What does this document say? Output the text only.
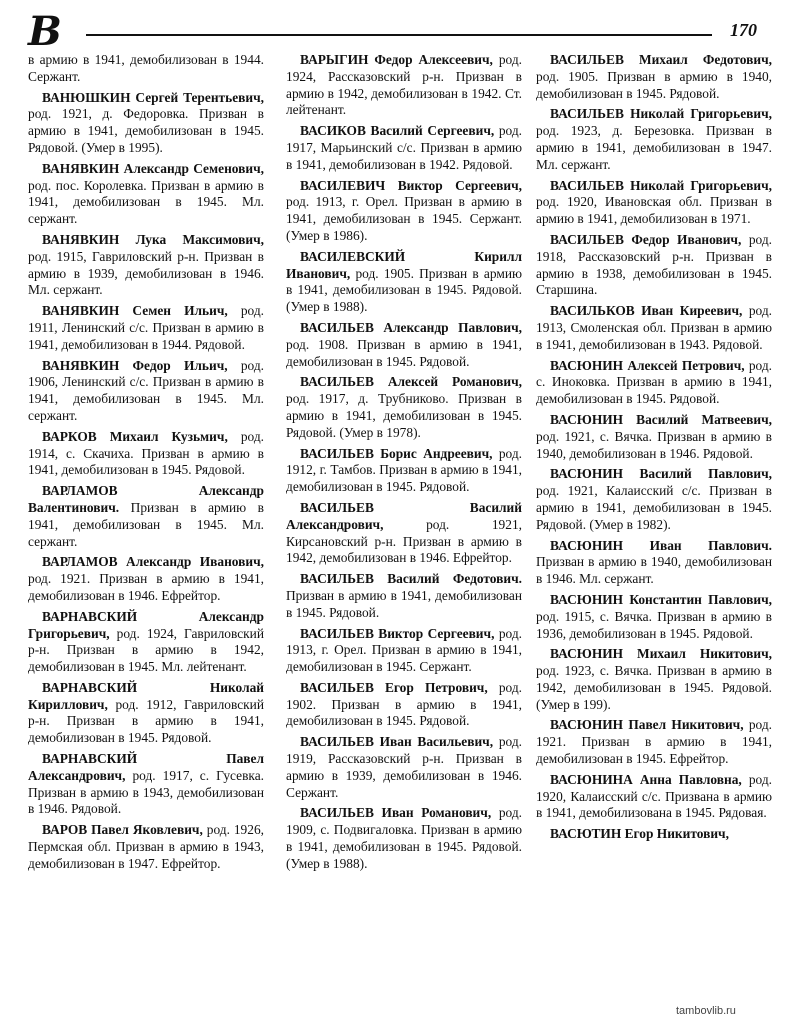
В	170

в армию в 1941, демобилизован в 1944. Сержант.

ВАНЮШКИН Сергей Терентьевич, род. 1921, д. Федоровка. Призван в армию в 1941, демобилизован в 1945. Рядовой. (Умер в 1995).

ВАНЯВКИН Александр Семенович, род. пос. Королевка. Призван в армию в 1941, демобилизован в 1945. Мл. сержант.

ВАНЯВКИН Лука Максимович, род. 1915, Гавриловский р-н. Призван в армию в 1939, демобилизован в 1946. Мл. сержант.

ВАНЯВКИН Семен Ильич, род. 1911, Ленинский с/с. Призван в армию в 1941, демобилизован в 1944. Рядовой.

ВАНЯВКИН Федор Ильич, род. 1906, Ленинский с/с. Призван в армию в 1941, демобилизован в 1945. Мл. сержант.

ВАРКОВ Михаил Кузьмич, род. 1914, с. Скачиха. Призван в армию в 1941, демобилизован в 1945. Рядовой.

ВАРЛАМОВ Александр Валентинович. Призван в армию в 1941, демобилизован в 1945. Мл. сержант.

ВАРЛАМОВ Александр Иванович, род. 1921. Призван в армию в 1941, демобилизован в 1946. Ефрейтор.

ВАРНАВСКИЙ Александр Григорьевич, род. 1924, Гавриловский р-н. Призван в армию в 1942, демобилизован в 1945. Мл. лейтенант.

ВАРНАВСКИЙ Николай Кириллович, род. 1912, Гавриловский р-н. Призван в армию в 1941, демобилизован в 1945. Рядовой.

ВАРНАВСКИЙ Павел Александрович, род. 1917, с. Гусевка. Призван в армию в 1943, демобилизован в 1946. Рядовой.

ВАРОВ Павел Яковлевич, род. 1926, Пермская обл. Призван в армию в 1943, демобилизован в 1947. Ефрейтор.

ВАРЫГИН Федор Алексеевич, род. 1924, Рассказовский р-н. Призван в армию в 1942, демобилизован в 1942. Ст. лейтенант.

ВАСИКОВ Василий Сергеевич, род. 1917, Марьинский с/с. Призван в армию в 1941, демобилизован в 1942. Рядовой.

ВАСИЛЕВИЧ Виктор Сергеевич, род. 1913, г. Орел. Призван в армию в 1941, демобилизован в 1945. Сержант. (Умер в 1986).

ВАСИЛЕВСКИЙ Кирилл Иванович, род. 1905. Призван в армию в 1941, демобилизован в 1945. Рядовой. (Умер в 1988).

ВАСИЛЬЕВ Александр Павлович, род. 1908. Призван в армию в 1941, демобилизован в 1945. Рядовой.

ВАСИЛЬЕВ Алексей Романович, род. 1917, д. Трубниково. Призван в армию в 1941, демобилизован в 1945. Рядовой. (Умер в 1978).

ВАСИЛЬЕВ Борис Андреевич, род. 1912, г. Тамбов. Призван в армию в 1941, демобилизован в 1945. Рядовой.

ВАСИЛЬЕВ Василий Александрович, род. 1921, Кирсановский р-н. Призван в армию в 1942, демобилизован в 1946. Ефрейтор.

ВАСИЛЬЕВ Василий Федотович. Призван в армию в 1941, демобилизован в 1945. Рядовой.

ВАСИЛЬЕВ Виктор Сергеевич, род. 1913, г. Орел. Призван в армию в 1941, демобилизован в 1945. Сержант.

ВАСИЛЬЕВ Егор Петрович, род. 1902. Призван в армию в 1941, демобилизован в 1945. Рядовой.

ВАСИЛЬЕВ Иван Васильевич, род. 1919, Рассказовский р-н. Призван в армию в 1939, демобилизован в 1946. Сержант.

ВАСИЛЬЕВ Иван Романович, род. 1909, с. Подвигаловка. Призван в армию в 1941, демобилизован в 1945. Рядовой. (Умер в 1988).

ВАСИЛЬЕВ Михаил Федотович, род. 1905. Призван в армию в 1940, демобилизован в 1945. Рядовой.

ВАСИЛЬЕВ Николай Григорьевич, род. 1923, д. Березовка. Призван в армию в 1941, демобилизован в 1947. Мл. сержант.

ВАСИЛЬЕВ Николай Григорьевич, род. 1920, Ивановская обл. Призван в армию в 1941, демобилизован в 1971.

ВАСИЛЬЕВ Федор Иванович, род. 1918, Рассказовский р-н. Призван в армию в 1938, демобилизован в 1945. Старшина.

ВАСИЛЬКОВ Иван Киреевич, род. 1913, Смоленская обл. Призван в армию в 1941, демобилизован в 1943. Рядовой.

ВАСЮНИН Алексей Петрович, род. с. Иноковка. Призван в армию в 1941, демобилизован в 1945. Рядовой.

ВАСЮНИН Василий Матвеевич, род. 1921, с. Вячка. Призван в армию в 1940, демобилизован в 1946. Рядовой.

ВАСЮНИН Василий Павлович, род. 1921, Калаисский с/с. Призван в армию в 1941, демобилизован в 1945. Рядовой. (Умер в 1982).

ВАСЮНИН Иван Павлович. Призван в армию в 1940, демобилизован в 1946. Мл. сержант.

ВАСЮНИН Константин Павлович, род. 1915, с. Вячка. Призван в армию в 1936, демобилизован в 1945. Рядовой.

ВАСЮНИН Михаил Никитович, род. 1923, с. Вячка. Призван в армию в 1942, демобилизован в 1945. Рядовой. (Умер в 199).

ВАСЮНИН Павел Никитович, род. 1921. Призван в армию в 1941, демобилизован в 1945. Ефрейтор.

ВАСЮНИНА Анна Павловна, род. 1920, Калаисский с/с. Призвана в армию в 1941, демобилизована в 1945. Рядовая.

ВАСЮТИН Егор Никитович,

tambovlib.ru
